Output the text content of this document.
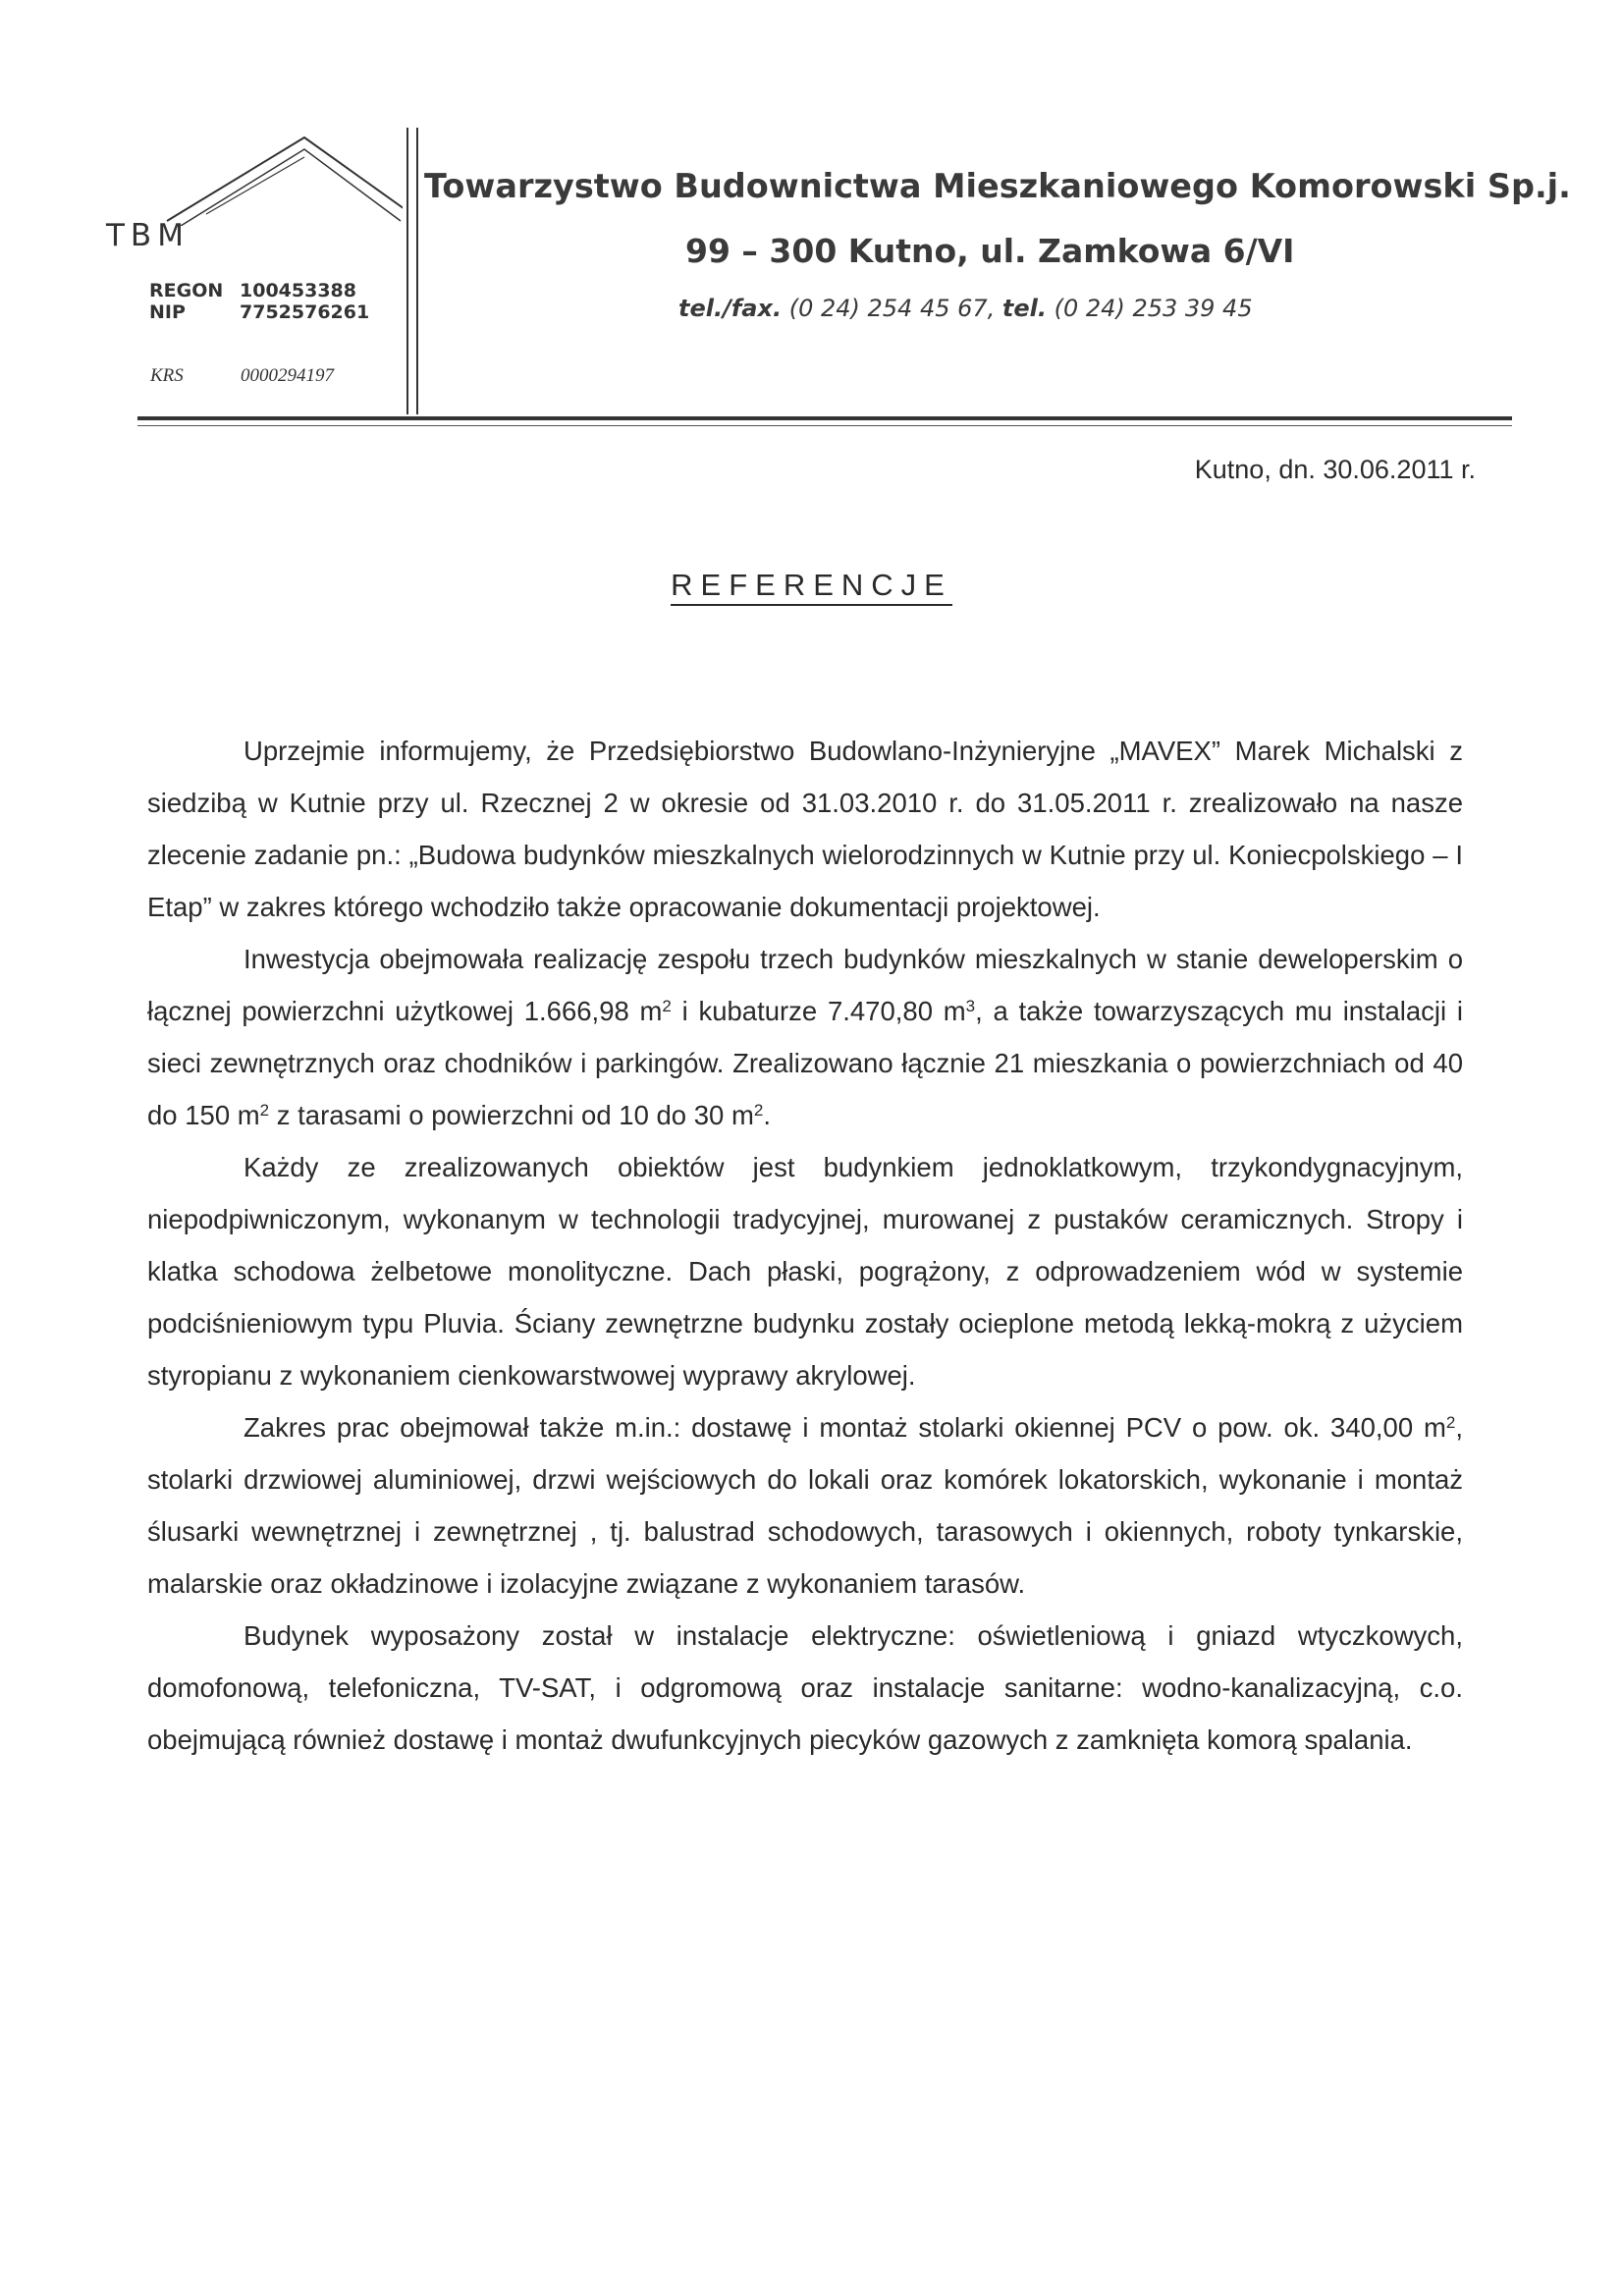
TBM
REGON 100453388
NIP	7752576261
KRS	0000294197
Towarzystwo Budownictwa Mieszkaniowego Komorowski Sp.j.
99 – 300 Kutno, ul. Zamkowa 6/VI
tel./fax. (0 24) 254 45 67, tel. (0 24) 253 39 45
Kutno, dn. 30.06.2011 r.
REFERENCJE

Uprzejmie informujemy, że Przedsiębiorstwo Budowlano-Inżynieryjne „MAVEX” Marek Michalski z siedzibą w Kutnie przy ul. Rzecznej 2 w okresie od 31.03.2010 r. do 31.05.2011 r. zrealizowało na nasze zlecenie zadanie pn.: „Budowa budynków mieszkalnych wielorodzinnych w Kutnie przy ul. Koniecpolskiego – I Etap” w zakres którego wchodziło także opracowanie dokumentacji projektowej.

Inwestycja obejmowała realizację zespołu trzech budynków mieszkalnych w stanie deweloperskim o łącznej powierzchni użytkowej 1.666,98 $m^2$ i kubaturze 7.470,80 $m^3$, a także towarzyszących mu instalacji i sieci zewnętrznych oraz chodników i parkingów. Zrealizowano łącznie 21 mieszkania o powierzchniach od 40 do 150 $m^2$ z tarasami o powierzchni od 10 do 30 $m^2$.

Każdy ze zrealizowanych obiektów jest budynkiem jednoklatkowym, trzykondygnacyjnym, niepodpiwniczonym, wykonanym w technologii tradycyjnej, murowanej z pustaków ceramicznych. Stropy i klatka schodowa żelbetowe monolityczne. Dach płaski, pogrążony, z odprowadzeniem wód w systemie podciśnieniowym typu Pluvia. Ściany zewnętrzne budynku zostały ocieplone metodą lekką-mokrą z użyciem styropianu z wykonaniem cienkowarstwowej wyprawy akrylowej.

Zakres prac obejmował także m.in.: dostawę i montaż stolarki okiennej PCV o pow. ok. 340,00 $m^2$, stolarki drzwiowej aluminiowej, drzwi wejściowych do lokali oraz komórek lokatorskich, wykonanie i montaż ślusarki wewnętrznej i zewnętrznej , tj. balustrad schodowych, tarasowych i okiennych, roboty tynkarskie, malarskie oraz okładzinowe i izolacyjne związane z wykonaniem tarasów.

Budynek wyposażony został w instalacje elektryczne: oświetleniową i gniazd wtyczkowych, domofonową, telefoniczna, TV-SAT, i odgromową oraz instalacje sanitarne: wodno-kanalizacyjną, c.o. obejmującą również dostawę i montaż dwufunkcyjnych piecyków gazowych z zamknięta komorą spalania.
